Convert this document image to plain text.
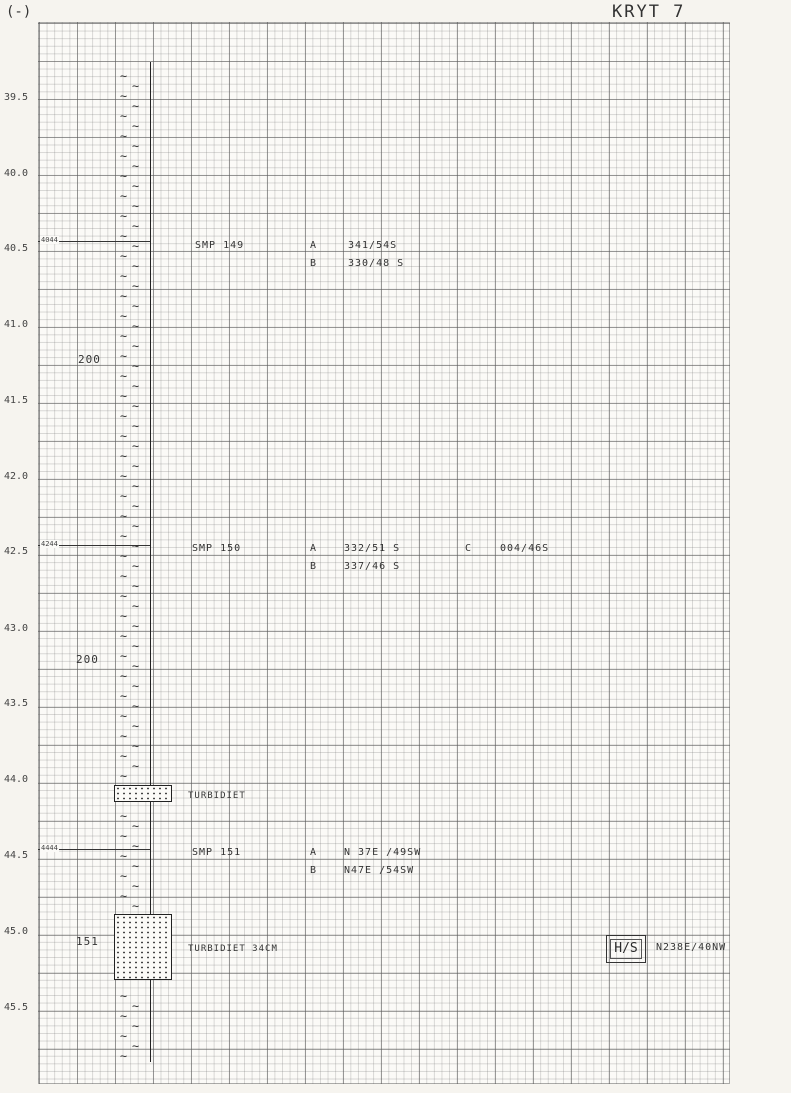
(-)	KRYT 7
39.5
40.0
40.5
41.0
41.5
42.0
42.5
43.0
43.5
44.0
44.5
45.0
45.5
∼
∼
∼
∼
∼
∼
∼
∼
∼
∼
∼
∼
∼
∼
∼
∼
∼
∼
∼
∼
∼
∼
∼
∼
∼
∼
∼
∼
∼
∼
∼
∼
∼
∼
∼
∼
∼
∼
∼
∼
∼
∼
∼
∼
∼
∼
∼
∼
∼
∼
∼
∼
∼
∼
∼
∼
∼
∼
∼
∼
∼
∼
∼
∼
∼
∼
∼
∼
∼
∼
∼
∼
∼
∼
∼
∼
∼
∼
∼
∼
∼
∼
∼
∼
∼
∼
∼
∼
TURBIDIET
TURBIDIET 34CM
200
200
151
4044
4244
4444
SMP 149	A	341/54S
B	330/48 S
SMP 150	A	332/51 S
B	337/46 S
C	004/46S
SMP 151	A	N 37E /49SW
B	N47E /54SW
H/S	N238E/40NW
